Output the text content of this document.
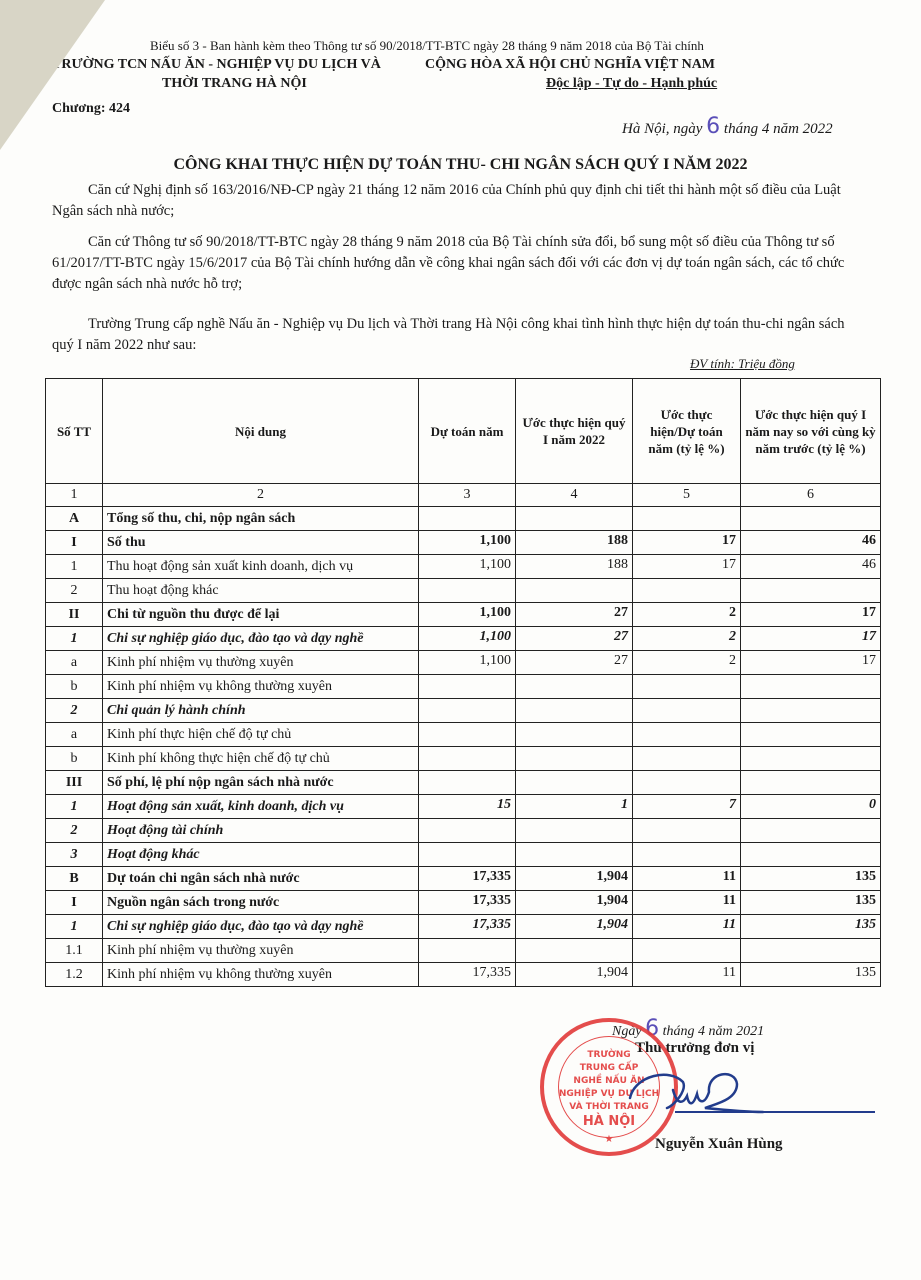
Biểu số 3 - Ban hành kèm theo Thông tư số 90/2018/TT-BTC ngày 28 tháng 9 năm 2018 của Bộ Tài chính
TRƯỜNG TCN NẤU ĂN - NGHIỆP VỤ DU LỊCH VÀ
THỜI TRANG HÀ NỘI
Chương: 424
CỘNG HÒA XÃ HỘI CHỦ NGHĨA VIỆT NAM
Độc lập - Tự do - Hạnh phúc
Hà Nội, ngày 6 tháng 4 năm 2022
CÔNG KHAI THỰC HIỆN DỰ TOÁN THU- CHI NGÂN SÁCH QUÝ I NĂM 2022
Căn cứ Nghị định số 163/2016/NĐ-CP ngày 21 tháng 12 năm 2016 của Chính phủ quy định chi tiết thi hành một số điều của Luật Ngân sách nhà nước;
Căn cứ Thông tư số 90/2018/TT-BTC ngày 28 tháng 9 năm 2018 của Bộ Tài chính sửa đổi, bổ sung một số điều của Thông tư số 61/2017/TT-BTC ngày 15/6/2017 của Bộ Tài chính hướng dẫn về công khai ngân sách đối với các đơn vị dự toán ngân sách, các tổ chức được ngân sách nhà nước hỗ trợ;
Trường Trung cấp nghề Nấu ăn - Nghiệp vụ Du lịch và Thời trang Hà Nội công khai tình hình thực hiện dự toán thu-chi ngân sách quý I năm 2022 như sau:
ĐV tính: Triệu đồng
Số TT	Nội dung	Dự toán năm	Ước thực hiện quý I năm 2022	Ước thực hiện/Dự toán năm (tỷ lệ %)	Ước thực hiện quý I năm nay so với cùng kỳ năm trước (tỷ lệ %)
1	2	3	4	5	6
A	Tổng số thu, chi, nộp ngân sách				
I	Số thu	1,100	188	17	46
1	Thu hoạt động sản xuất kinh doanh, dịch vụ	1,100	188	17	46
2	Thu hoạt động khác				
II	Chi từ nguồn thu được để lại	1,100	27	2	17
1	Chi sự nghiệp giáo dục, đào tạo và dạy nghề	1,100	27	2	17
a	Kinh phí nhiệm vụ thường xuyên	1,100	27	2	17
b	Kinh phí nhiệm vụ không thường xuyên				
2	Chi quản lý hành chính				
a	Kinh phí thực hiện chế độ tự chủ				
b	Kinh phí không thực hiện chế độ tự chủ				
III	Số phí, lệ phí nộp ngân sách nhà nước				
1	Hoạt động sản xuất, kinh doanh, dịch vụ	15	1	7	0
2	Hoạt động tài chính				
3	Hoạt động khác				
B	Dự toán chi ngân sách nhà nước	17,335	1,904	11	135
I	Nguồn ngân sách trong nước	17,335	1,904	11	135
1	Chi sự nghiệp giáo dục, đào tạo và dạy nghề	17,335	1,904	11	135
1.1	Kinh phí nhiệm vụ thường xuyên				
1.2	Kinh phí nhiệm vụ không thường xuyên	17,335	1,904	11	135
Ngày 6 tháng 4 năm 2021
Thủ trưởng đơn vị
TRƯỜNG
TRUNG CẤP
NGHỀ NẤU ĂN
NGHIỆP VỤ DU LỊCH
VÀ THỜI TRANG
HÀ NỘI
★	Nguyễn Xuân Hùng
